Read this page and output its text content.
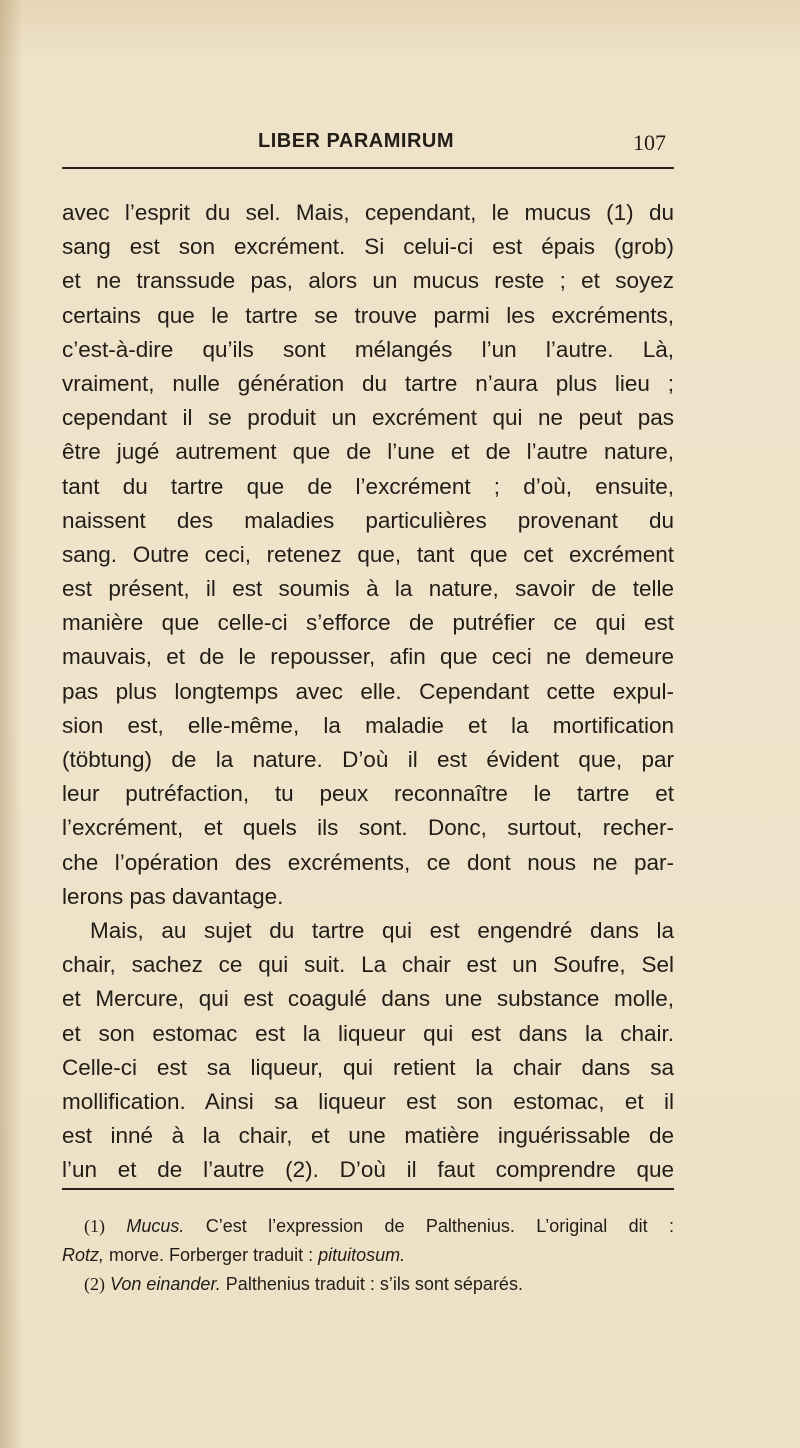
LIBER PARAMIRUM	107
avec l’esprit du sel. Mais, cependant, le mucus (1) du
sang est son excrément. Si celui-ci est épais (grob)
et ne transsude pas, alors un mucus reste ; et soyez
certains que le tartre se trouve parmi les excréments,
c’est-à-dire qu’ils sont mélangés l’un l’autre. Là,
vraiment, nulle génération du tartre n’aura plus lieu ;
cependant il se produit un excrément qui ne peut pas
être jugé autrement que de l’une et de l’autre nature,
tant du tartre que de l’excrément ; d’où, ensuite,
naissent des maladies particulières provenant du
sang. Outre ceci, retenez que, tant que cet excrément
est présent, il est soumis à la nature, savoir de telle
manière que celle-ci s’efforce de putréfier ce qui est
mauvais, et de le repousser, afin que ceci ne demeure
pas plus longtemps avec elle. Cependant cette expul-
sion est, elle-même, la maladie et la mortification
(töbtung) de la nature. D’où il est évident que, par
leur putréfaction, tu peux reconnaître le tartre et
l’excrément, et quels ils sont. Donc, surtout, recher-
che l’opération des excréments, ce dont nous ne par-
lerons pas davantage.
Mais, au sujet du tartre qui est engendré dans la
chair, sachez ce qui suit. La chair est un Soufre, Sel
et Mercure, qui est coagulé dans une substance molle,
et son estomac est la liqueur qui est dans la chair.
Celle-ci est sa liqueur, qui retient la chair dans sa
mollification. Ainsi sa liqueur est son estomac, et il
est inné à la chair, et une matière inguérissable de
l’un et de l’autre (2). D’où il faut comprendre que
(1) Mucus. C’est l’expression de Palthenius. L’original dit :
Rotz, morve. Forberger traduit : pituitosum.
(2) Von einander. Palthenius traduit : s’ils sont séparés.
